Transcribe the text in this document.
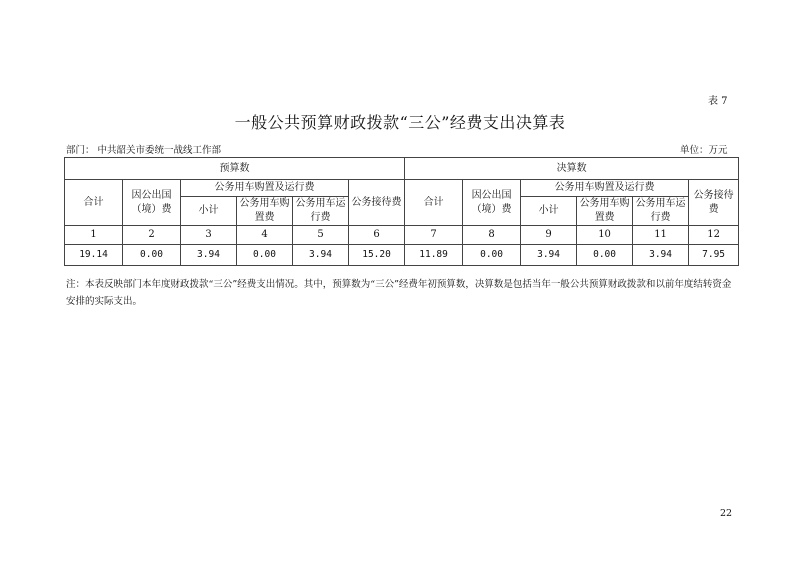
表 7
一般公共预算财政拨款“三公”经费支出决算表
部门： 中共韶关市委统一战线工作部	单位：万元
预算数						决算数					
合计	因公出国（境）费	公务用车购置及运行费			公务接待费	合计	因公出国（境）费	公务用车购置及运行费			公务接待费
		小计	公务用车购置费	公务用车运行费				小计	公务用车购置费	公务用车运行费	
1	2	3	4	5	6	7	8	9	10	11	12
19.14	0.00	3.94	0.00	3.94	15.20	11.89	0.00	3.94	0.00	3.94	7.95
注：本表反映部门本年度财政拨款“三公”经费支出情况。其中，预算数为“三公”经费年初预算数，决算数是包括当年一般公共预算财政拨款和以前年度结转资金安排的实际支出。
22
